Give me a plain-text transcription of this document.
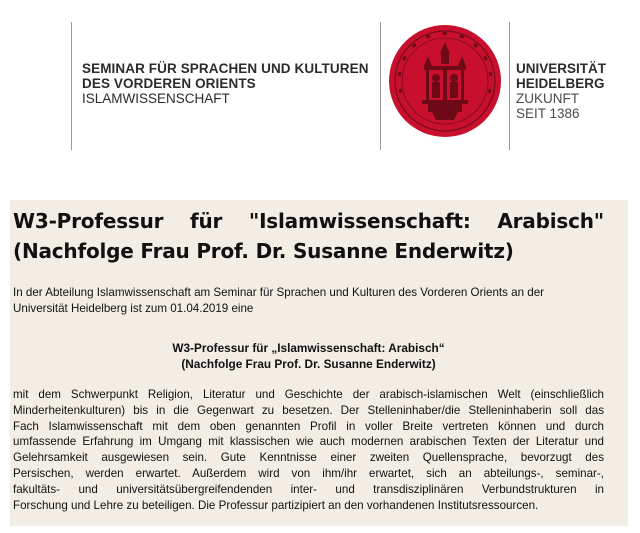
SEMINAR FÜR SPRACHEN UND KULTUREN
DES VORDEREN ORIENTS
ISLAMWISSENSCHAFT
UNIVERSITÄT
HEIDELBERG
ZUKUNFT
SEIT 1386
W3-Professur für "Islamwissenschaft: Arabisch"
(Nachfolge Frau Prof. Dr. Susanne Enderwitz)
In der Abteilung Islamwissenschaft am Seminar für Sprachen und Kulturen des Vorderen Orients an der
Universität Heidelberg ist zum 01.04.2019 eine
W3-Professur für „Islamwissenschaft: Arabisch“
(Nachfolge Frau Prof. Dr. Susanne Enderwitz)
mit dem Schwerpunkt Religion, Literatur und Geschichte der arabisch-islamischen Welt (einschließlich
Minderheitenkulturen) bis in die Gegenwart zu besetzen. Der Stelleninhaber/die Stelleninhaberin soll das
Fach Islamwissenschaft mit dem oben genannten Profil in voller Breite vertreten können und durch
umfassende Erfahrung im Umgang mit klassischen wie auch modernen arabischen Texten der Literatur und
Gelehrsamkeit ausgewiesen sein. Gute Kenntnisse einer zweiten Quellensprache, bevorzugt des
Persischen, werden erwartet. Außerdem wird von ihm/ihr erwartet, sich an abteilungs-, seminar-,
fakultäts- und universitätsübergreifendenden inter- und transdisziplinären Verbundstrukturen in
Forschung und Lehre zu beteiligen. Die Professur partizipiert an den vorhandenen Institutsressourcen.
